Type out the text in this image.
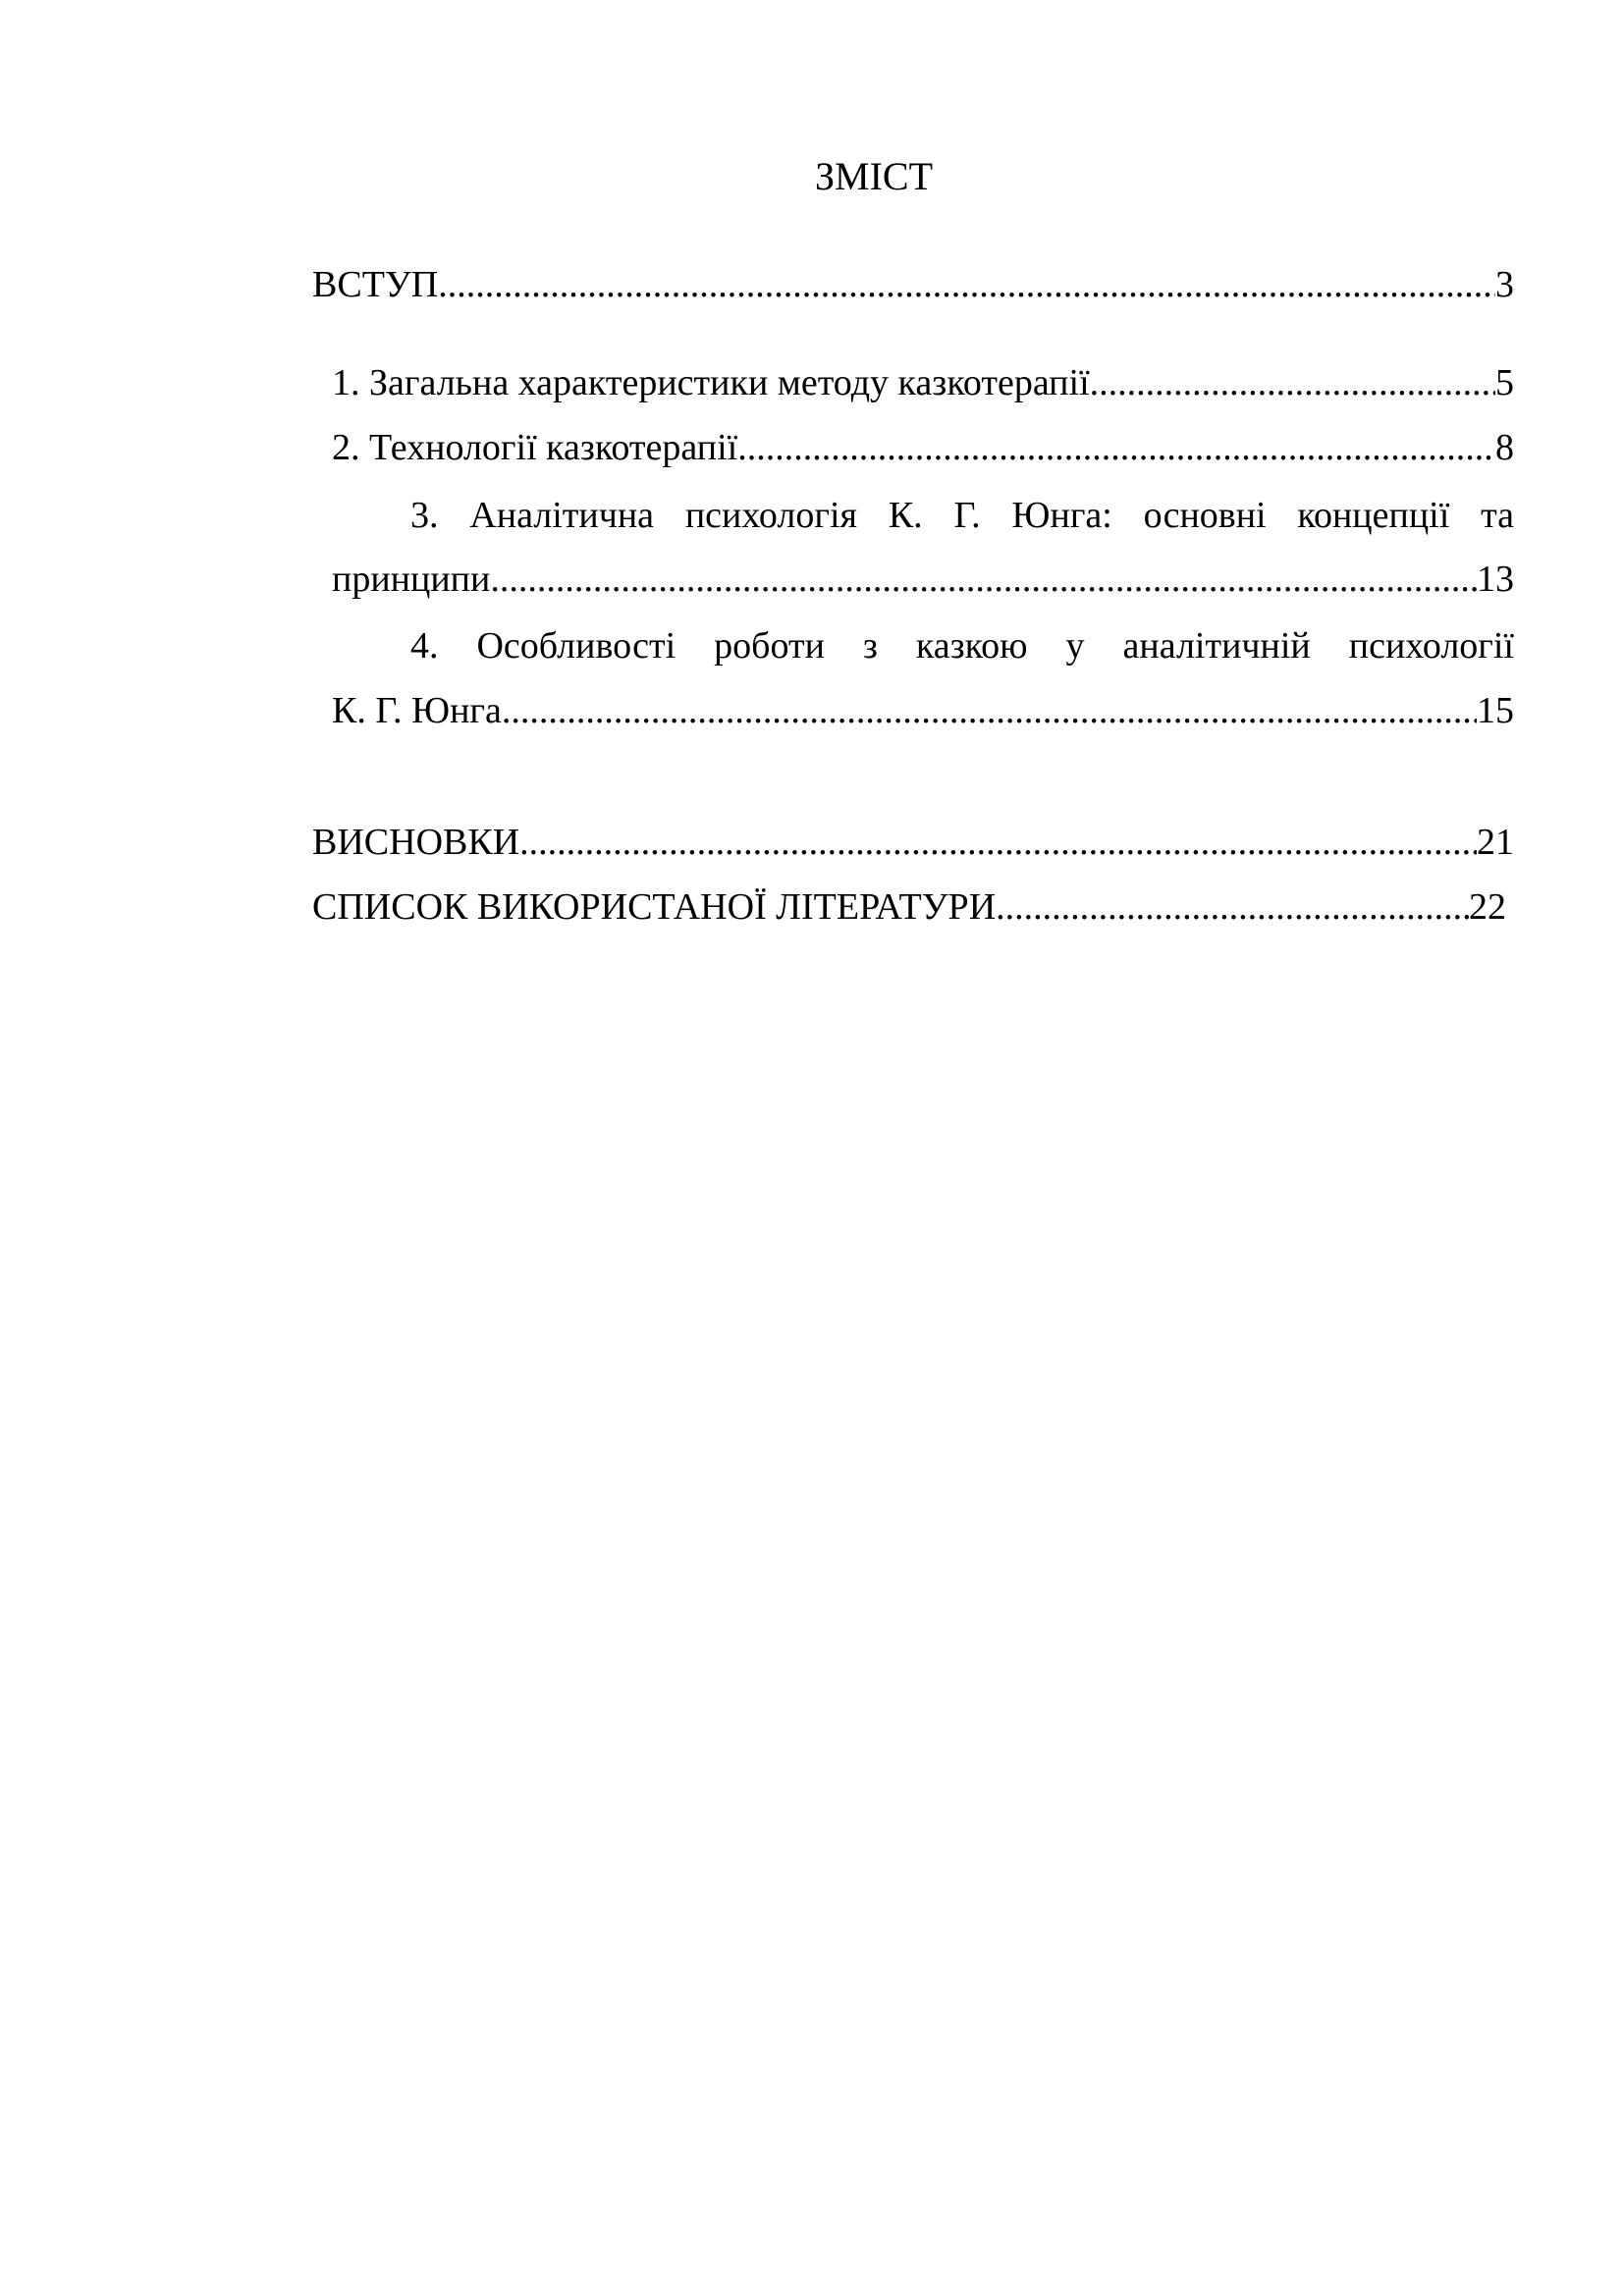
ЗМІСТ
ВСТУП .....	3
1. Загальна характеристики методу казкотерапії .....	5
2. Технології казкотерапії .....	8
3. Аналітична психологія К. Г. Юнга: основні концепції та
принципи .....	13
4. Особливості роботи з казкою у аналітичній психології
К. Г. Юнга .....	15
ВИСНОВКИ .....	21
СПИСОК ВИКОРИСТАНОЇ ЛІТЕРАТУРИ .....	22
